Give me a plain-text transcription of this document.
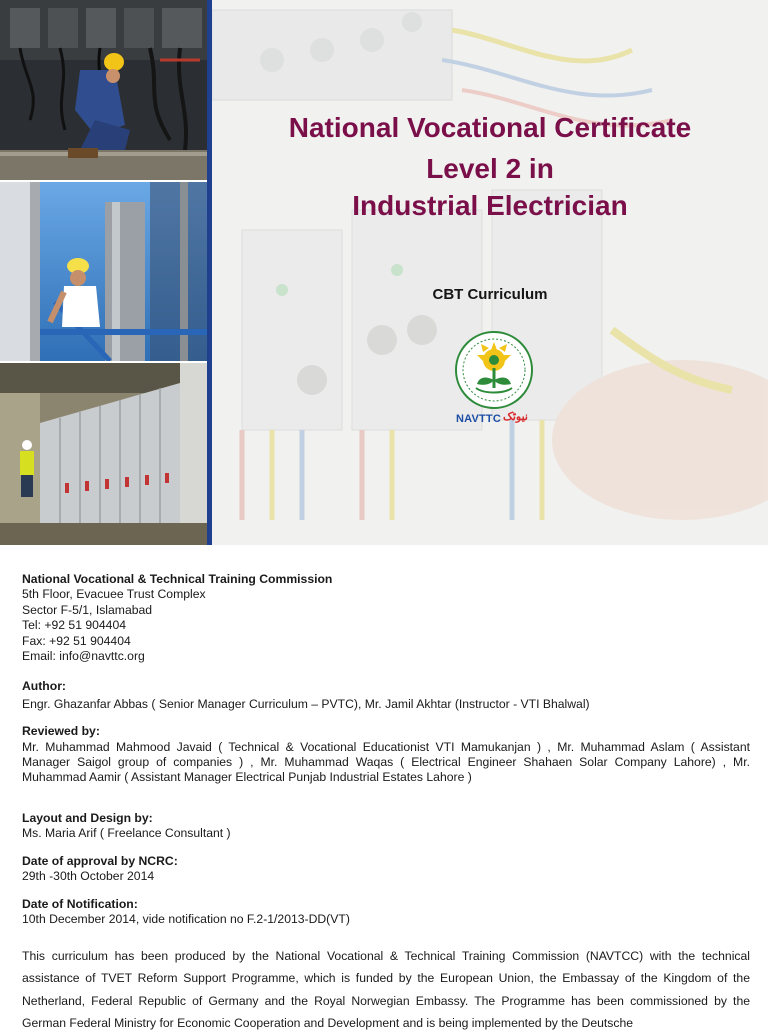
National Vocational Certificate

Level 2 in

Industrial Electrician

CBT Curriculum
NAVTTC نیوٹک

National Vocational & Technical Training Commission

5th Floor, Evacuee Trust Complex

Sector F-5/1, Islamabad

Tel: +92 51 904404

Fax: +92 51 904404

Email: info@navttc.org

Author:

Engr. Ghazanfar Abbas ( Senior Manager Curriculum – PVTC), Mr. Jamil Akhtar (Instructor - VTI Bhalwal)

Reviewed by:

Mr. Muhammad Mahmood Javaid ( Technical & Vocational Educationist VTI Mamukanjan ) , Mr. Muhammad Aslam ( Assistant Manager Saigol group of companies ) , Mr. Muhammad Waqas ( Electrical Engineer Shahaen Solar Company Lahore) , Mr. Muhammad Aamir ( Assistant Manager Electrical Punjab Industrial Estates Lahore )

Layout and Design by:

Ms. Maria Arif ( Freelance Consultant )

Date of approval by NCRC:

29th -30th October 2014

Date of Notification:

10th December 2014, vide notification no F.2-1/2013-DD(VT)

This curriculum has been produced by the National Vocational & Technical Training Commission (NAVTCC) with the technical assistance of TVET Reform Support Programme, which is funded by the European Union, the Embassay of the Kingdom of the Netherland, Federal Republic of Germany and the Royal Norwegian Embassy. The Programme has been commissioned by the German Federal Ministry for Economic Cooperation and Development and is being implemented by the Deutsche
